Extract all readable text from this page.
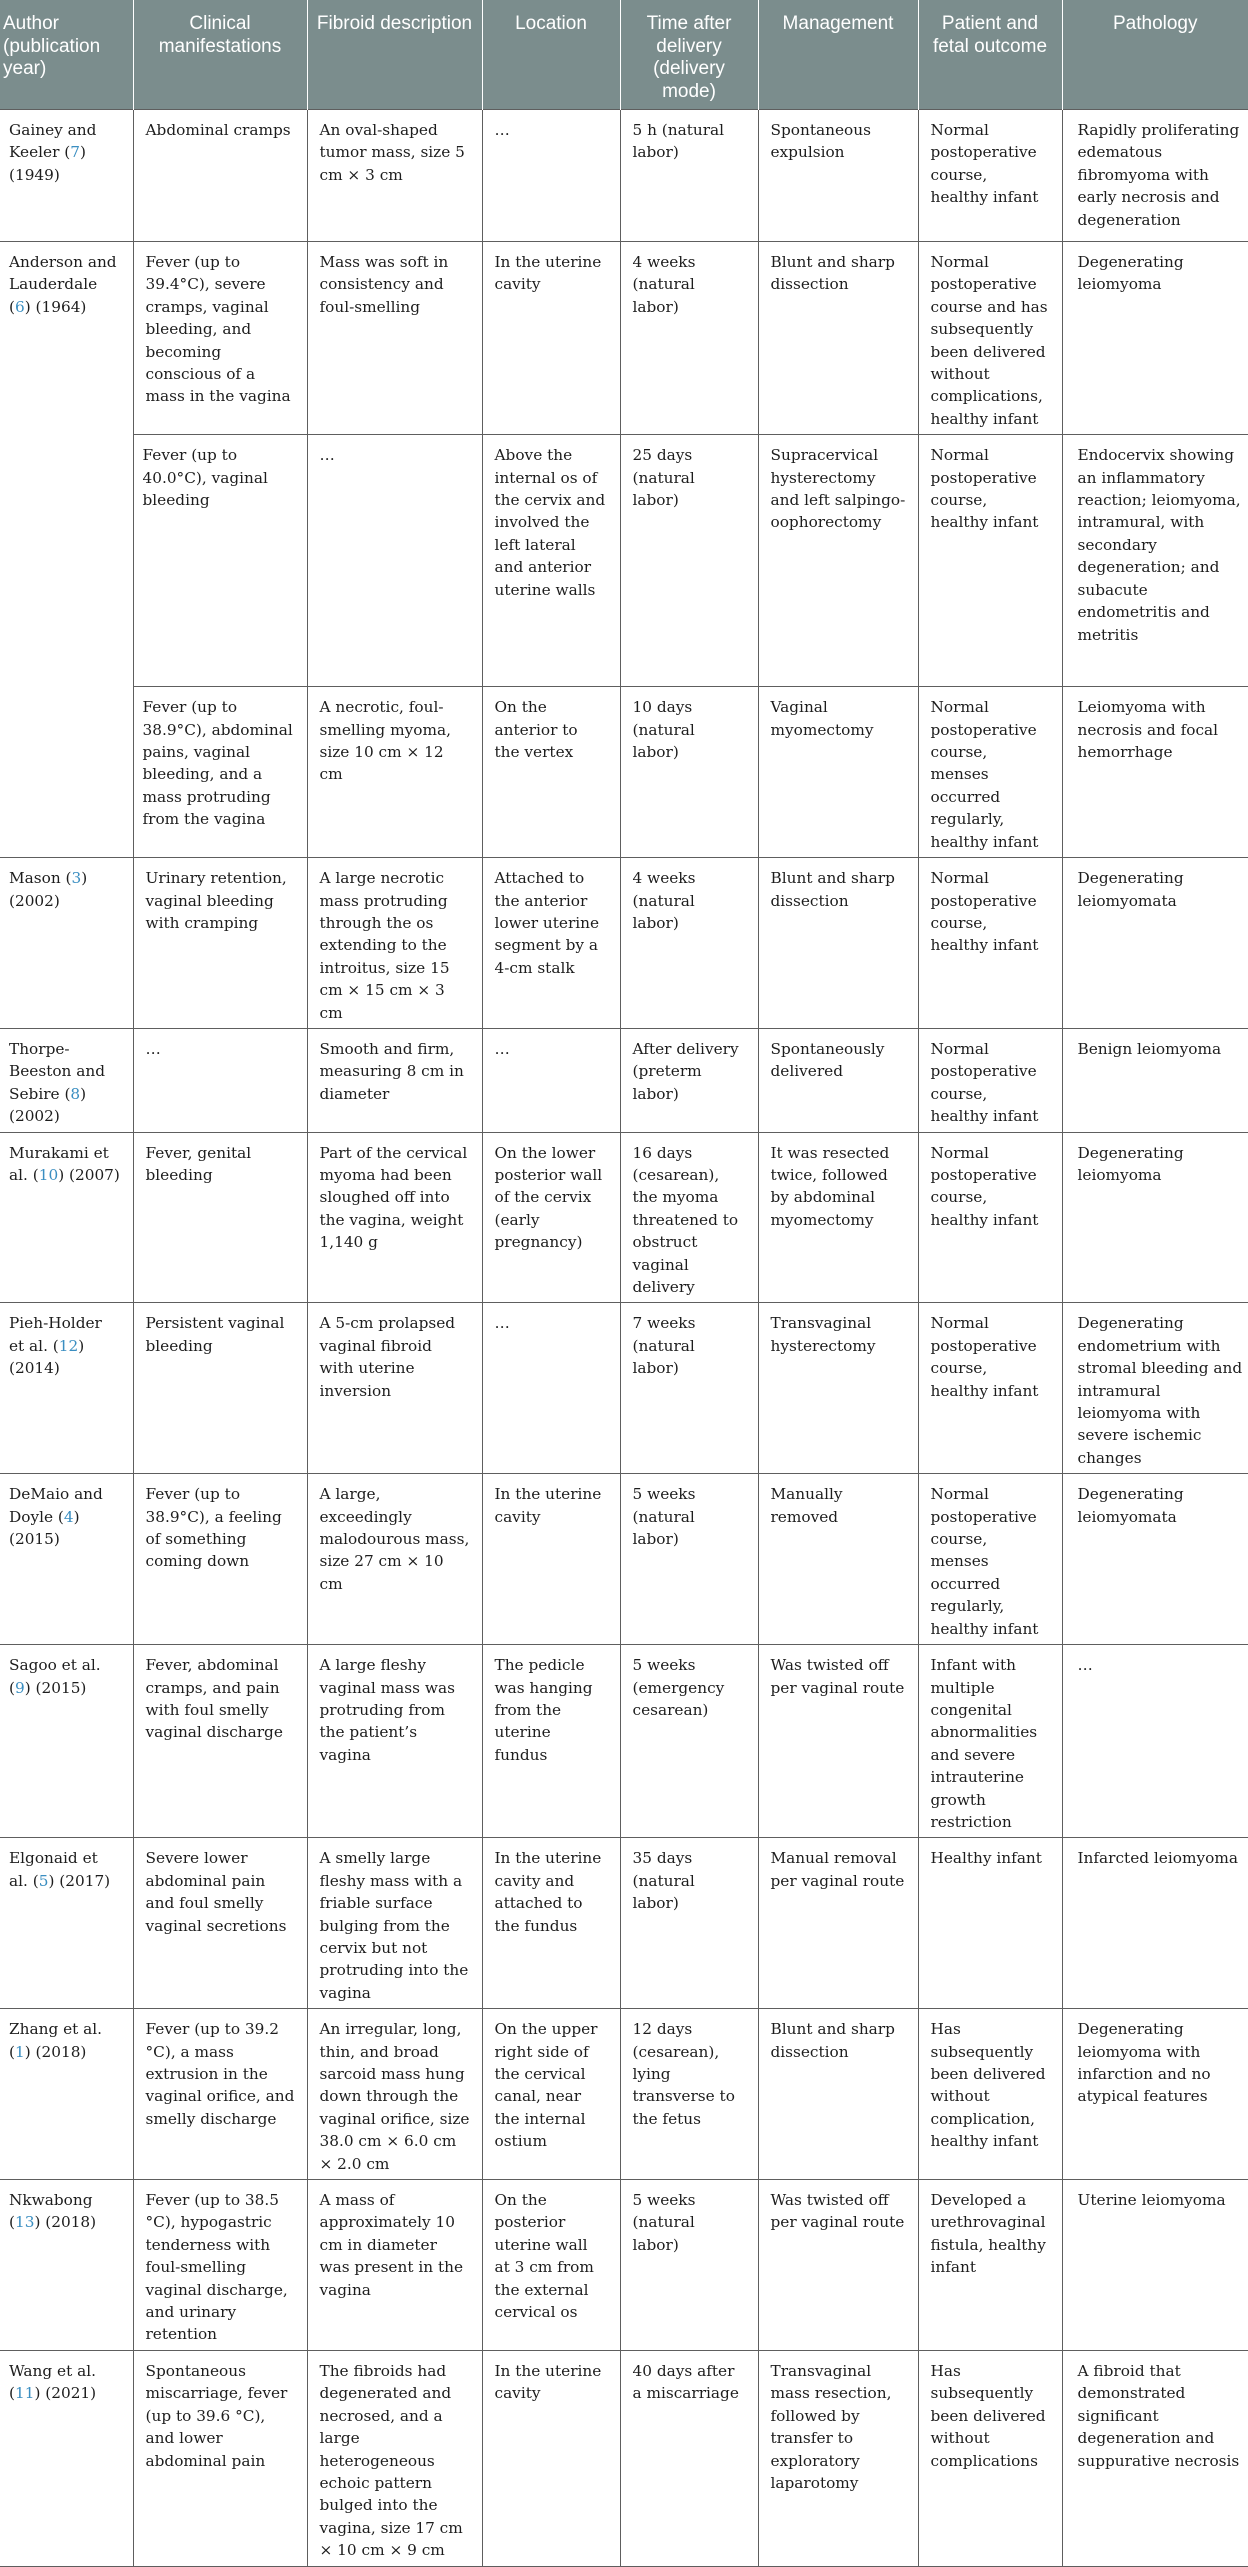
Author (publication year)	Clinical manifestations	Fibroid description	Location	Time after delivery (delivery mode)	Management	Patient and fetal outcome	Pathology
Gainey and Keeler (7) (1949)	Abdominal cramps	An oval-shaped tumor mass, size 5 cm × 3 cm	…	5 h (natural labor)	Spontaneous expulsion	Normal postoperative course, healthy infant	Rapidly proliferating edematous fibromyoma with early necrosis and degeneration
Anderson and Lauderdale (6) (1964)	Fever (up to 39.4°C), severe cramps, vaginal bleeding, and becoming conscious of a mass in the vagina	Mass was soft in consistency and foul-smelling	In the uterine cavity	4 weeks (natural labor)	Blunt and sharp dissection	Normal postoperative course and has subsequently been delivered without complications, healthy infant	Degenerating leiomyoma
	Fever (up to 40.0°C), vaginal bleeding	…	Above the internal os of the cervix and involved the left lateral and anterior uterine walls	25 days (natural labor)	Supracervical hysterectomy and left salpingo-oophorectomy	Normal postoperative course, healthy infant	Endocervix showing an inflammatory reaction; leiomyoma, intramural, with secondary degeneration; and subacute endometritis and metritis
	Fever (up to 38.9°C), abdominal pains, vaginal bleeding, and a mass protruding from the vagina	A necrotic, foul-smelling myoma, size 10 cm × 12 cm	On the anterior to the vertex	10 days (natural labor)	Vaginal myomectomy	Normal postoperative course, menses occurred regularly, healthy infant	Leiomyoma with necrosis and focal hemorrhage
Mason (3) (2002)	Urinary retention, vaginal bleeding with cramping	A large necrotic mass protruding through the os extending to the introitus, size 15 cm × 15 cm × 3 cm	Attached to the anterior lower uterine segment by a 4-cm stalk	4 weeks (natural labor)	Blunt and sharp dissection	Normal postoperative course, healthy infant	Degenerating leiomyomata
Thorpe-Beeston and Sebire (8) (2002)	…	Smooth and firm, measuring 8 cm in diameter	…	After delivery (preterm labor)	Spontaneously delivered	Normal postoperative course, healthy infant	Benign leiomyoma
Murakami et al. (10) (2007)	Fever, genital bleeding	Part of the cervical myoma had been sloughed off into the vagina, weight 1,140 g	On the lower posterior wall of the cervix (early pregnancy)	16 days (cesarean), the myoma threatened to obstruct vaginal delivery	It was resected twice, followed by abdominal myomectomy	Normal postoperative course, healthy infant	Degenerating leiomyoma
Pieh-Holder et al. (12) (2014)	Persistent vaginal bleeding	A 5-cm prolapsed vaginal fibroid with uterine inversion	…	7 weeks (natural labor)	Transvaginal hysterectomy	Normal postoperative course, healthy infant	Degenerating endometrium with stromal bleeding and intramural leiomyoma with severe ischemic changes
DeMaio and Doyle (4) (2015)	Fever (up to 38.9°C), a feeling of something coming down	A large, exceedingly malodourous mass, size 27 cm × 10 cm	In the uterine cavity	5 weeks (natural labor)	Manually removed	Normal postoperative course, menses occurred regularly, healthy infant	Degenerating leiomyomata
Sagoo et al. (9) (2015)	Fever, abdominal cramps, and pain with foul smelly vaginal discharge	A large fleshy vaginal mass was protruding from the patient’s vagina	The pedicle was hanging from the uterine fundus	5 weeks (emergency cesarean)	Was twisted off per vaginal route	Infant with multiple congenital abnormalities and severe intrauterine growth restriction	…
Elgonaid et al. (5) (2017)	Severe lower abdominal pain and foul smelly vaginal secretions	A smelly large fleshy mass with a friable surface bulging from the cervix but not protruding into the vagina	In the uterine cavity and attached to the fundus	35 days (natural labor)	Manual removal per vaginal route	Healthy infant	Infarcted leiomyoma
Zhang et al. (1) (2018)	Fever (up to 39.2 °C), a mass extrusion in the vaginal orifice, and smelly discharge	An irregular, long, thin, and broad sarcoid mass hung down through the vaginal orifice, size 38.0 cm × 6.0 cm × 2.0 cm	On the upper right side of the cervical canal, near the internal ostium	12 days (cesarean), lying transverse to the fetus	Blunt and sharp dissection	Has subsequently been delivered without complication, healthy infant	Degenerating leiomyoma with infarction and no atypical features
Nkwabong (13) (2018)	Fever (up to 38.5 °C), hypogastric tenderness with foul-smelling vaginal discharge, and urinary retention	A mass of approximately 10 cm in diameter was present in the vagina	On the posterior uterine wall at 3 cm from the external cervical os	5 weeks (natural labor)	Was twisted off per vaginal route	Developed a urethrovaginal fistula, healthy infant	Uterine leiomyoma
Wang et al. (11) (2021)	Spontaneous miscarriage, fever (up to 39.6 °C), and lower abdominal pain	The fibroids had degenerated and necrosed, and a large heterogeneous echoic pattern bulged into the vagina, size 17 cm × 10 cm × 9 cm	In the uterine cavity	40 days after a miscarriage	Transvaginal mass resection, followed by transfer to exploratory laparotomy	Has subsequently been delivered without complications	A fibroid that demonstrated significant degeneration and suppurative necrosis
